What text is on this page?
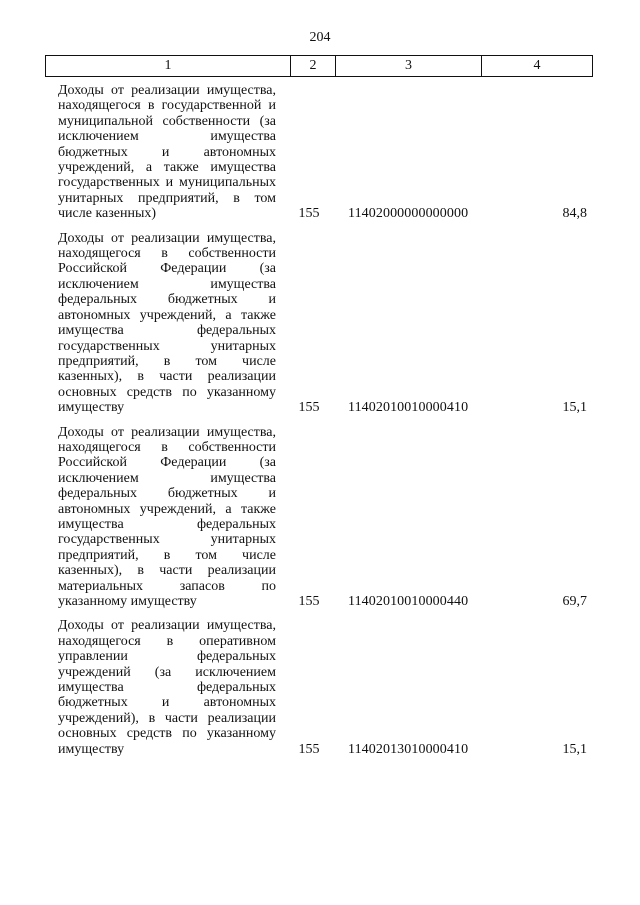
204
1	2	3	4
Доходы от реализации имущества, находящегося в государственной и муниципальной собственности (за исключением имущества бюджетных и автономных учреждений, а также имущества государственных и муниципальных унитарных предприятий, в том числе казенных)	155	11402000000000000	84,8
Доходы от реализации имущества, находящегося в собственности Российской Федерации (за исключением имущества федеральных бюджетных и автономных учреждений, а также имущества федеральных государственных унитарных предприятий, в том числе казенных), в части реализации основных средств по указанному имуществу	155	11402010010000410	15,1
Доходы от реализации имущества, находящегося в собственности Российской Федерации (за исключением имущества федеральных бюджетных и автономных учреждений, а также имущества федеральных государственных унитарных предприятий, в том числе казенных), в части реализации материальных запасов по указанному имуществу	155	11402010010000440	69,7
Доходы от реализации имущества, находящегося в оперативном управлении федеральных учреждений (за исключением имущества федеральных бюджетных и автономных учреждений), в части реализации основных средств по указанному имуществу	155	11402013010000410	15,1
